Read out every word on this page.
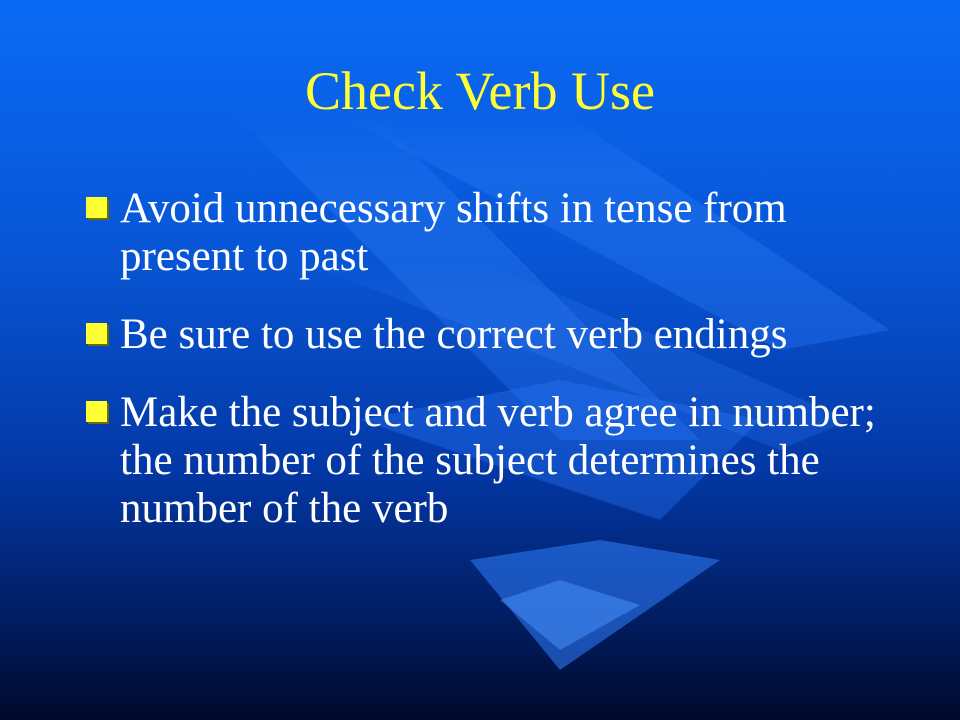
Check Verb Use
Avoid unnecessary shifts in tense from present to past
Be sure to use the correct verb endings
Make the subject and verb agree in number; the number of the subject determines the number of the verb
